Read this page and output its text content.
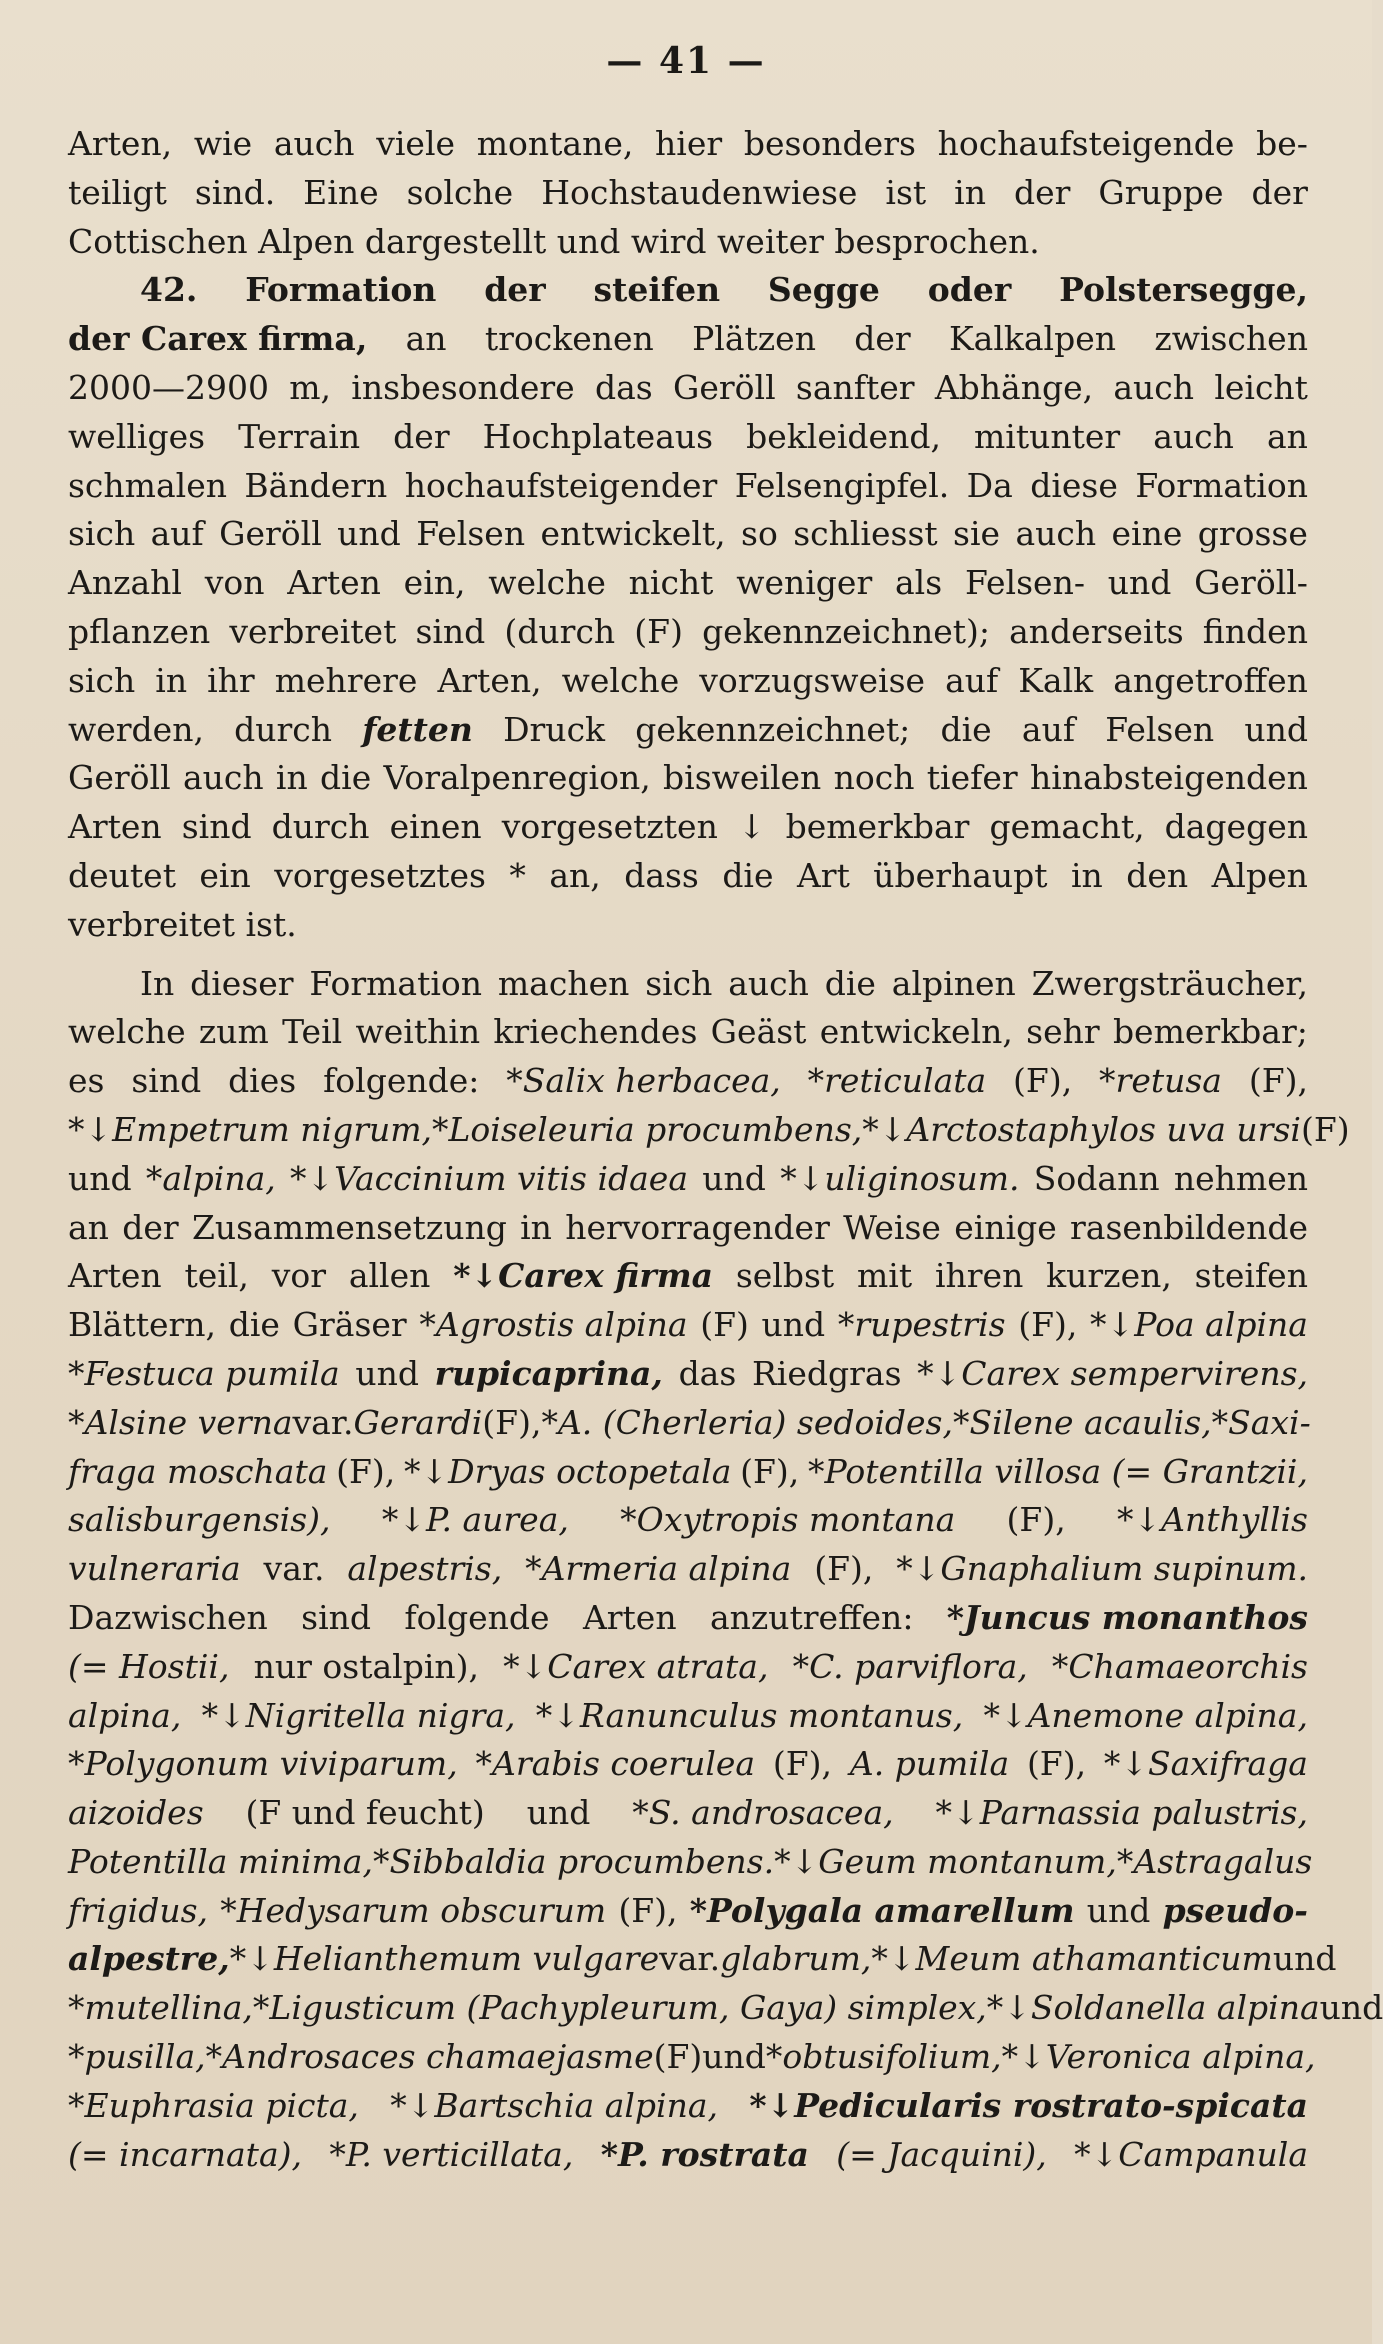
— 41 —
Arten, wie auch viele montane, hier besonders hochaufsteigende be-
teiligt sind. Eine solche Hochstaudenwiese ist in der Gruppe der
Cottischen Alpen dargestellt und wird weiter besprochen.
42. Formation der steifen Segge oder Polstersegge,
der Carex firma, an trockenen Plätzen der Kalkalpen zwischen
2000—2900 m, insbesondere das Geröll sanfter Abhänge, auch leicht
welliges Terrain der Hochplateaus bekleidend, mitunter auch an
schmalen Bändern hochaufsteigender Felsengipfel. Da diese Formation
sich auf Geröll und Felsen entwickelt, so schliesst sie auch eine grosse
Anzahl von Arten ein, welche nicht weniger als Felsen- und Geröll-
pflanzen verbreitet sind (durch (F) gekennzeichnet); anderseits finden
sich in ihr mehrere Arten, welche vorzugsweise auf Kalk angetroffen
werden, durch fetten Druck gekennzeichnet; die auf Felsen und
Geröll auch in die Voralpenregion, bisweilen noch tiefer hinabsteigenden
Arten sind durch einen vorgesetzten ↓ bemerkbar gemacht, dagegen
deutet ein vorgesetztes * an, dass die Art überhaupt in den Alpen
verbreitet ist.
In dieser Formation machen sich auch die alpinen Zwergsträucher,
welche zum Teil weithin kriechendes Geäst entwickeln, sehr bemerkbar;
es sind dies folgende: *Salix herbacea, *reticulata (F), *retusa (F),
*↓Empetrum nigrum, *Loiseleuria procumbens, *↓Arctostaphylos uva ursi (F)
und *alpina, *↓Vaccinium vitis idaea und *↓uliginosum. Sodann nehmen
an der Zusammensetzung in hervorragender Weise einige rasenbildende
Arten teil, vor allen *↓Carex firma selbst mit ihren kurzen, steifen
Blättern, die Gräser *Agrostis alpina (F) und *rupestris (F), *↓Poa alpina
*Festuca pumila und rupicaprina, das Riedgras *↓Carex sempervirens,
*Alsine verna var. Gerardi (F), *A. (Cherleria) sedoides, *Silene acaulis, *Saxi-
fraga moschata (F), *↓Dryas octopetala (F), *Potentilla villosa (= Grantzii,
salisburgensis), *↓P. aurea, *Oxytropis montana (F), *↓Anthyllis
vulneraria var. alpestris, *Armeria alpina (F), *↓Gnaphalium supinum.
Dazwischen sind folgende Arten anzutreffen: *Juncus monanthos
(= Hostii, nur ostalpin), *↓Carex atrata, *C. parviflora, *Chamaeorchis
alpina, *↓Nigritella nigra, *↓Ranunculus montanus, *↓Anemone alpina,
*Polygonum viviparum, *Arabis coerulea (F), A. pumila (F), *↓Saxifraga
aizoides (F und feucht) und *S. androsacea, *↓Parnassia palustris,
Potentilla minima, *Sibbaldia procumbens. *↓Geum montanum, *Astragalus
frigidus, *Hedysarum obscurum (F), *Polygala amarellum und pseudo-
alpestre, *↓Helianthemum vulgare var. glabrum, *↓Meum athamanticum und
*mutellina, *Ligusticum (Pachypleurum, Gaya) simplex, *↓Soldanella alpina und
*pusilla, *Androsaces chamaejasme (F) und *obtusifolium, *↓Veronica alpina,
*Euphrasia picta, *↓Bartschia alpina, *↓Pedicularis rostrato-spicata
(= incarnata), *P. verticillata, *P. rostrata (= Jacquini), *↓Campanula
